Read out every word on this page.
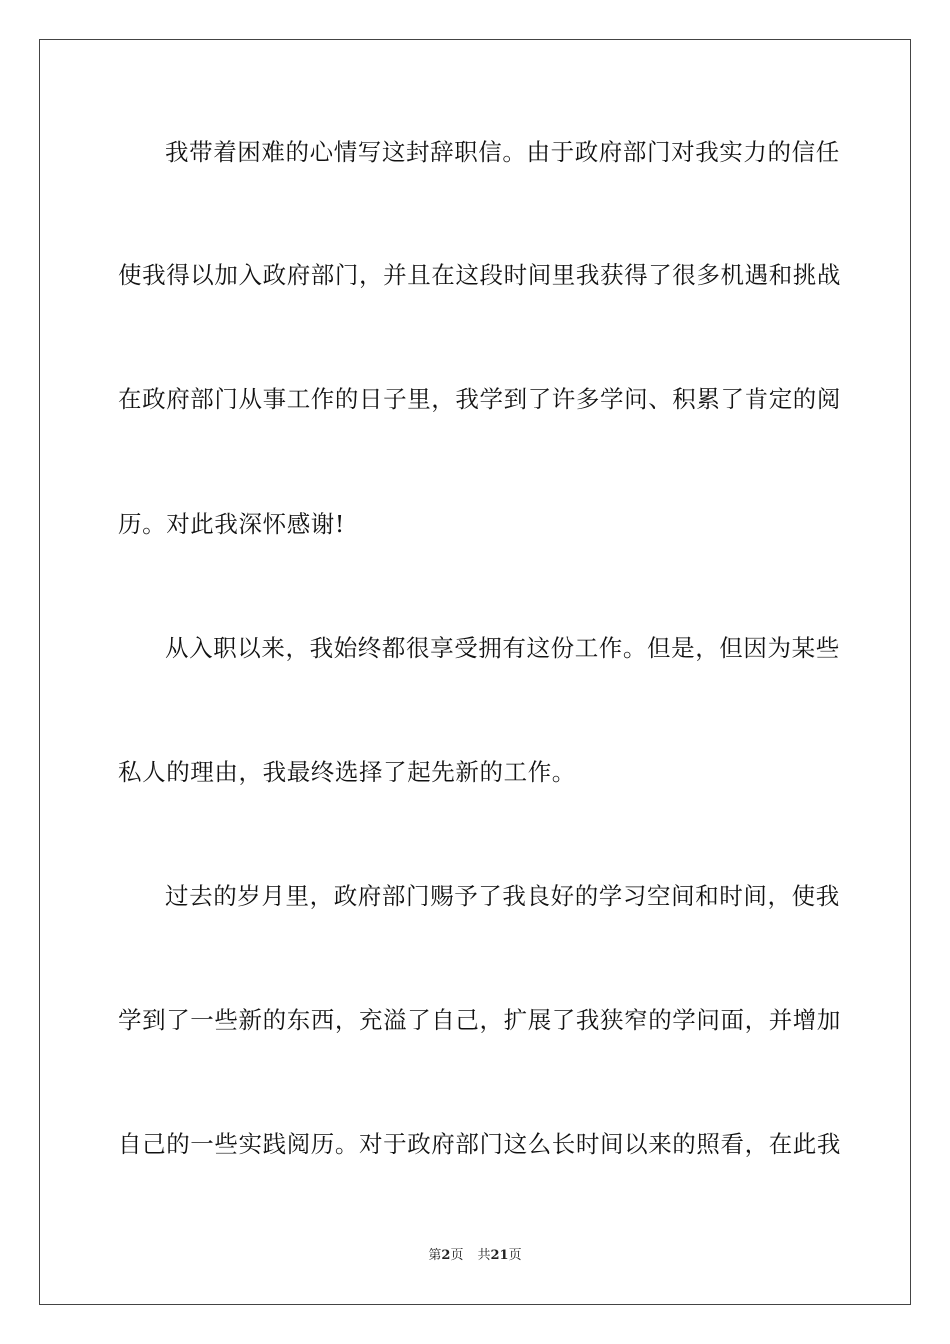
我带着困难的心情写这封辞职信。由于政府部门对我实力的信任
使我得以加入政府部门，并且在这段时间里我获得了很多机遇和挑战
在政府部门从事工作的日子里，我学到了许多学问、积累了肯定的阅
历。对此我深怀感谢!
从入职以来，我始终都很享受拥有这份工作。但是，但因为某些
私人的理由，我最终选择了起先新的工作。
过去的岁月里，政府部门赐予了我良好的学习空间和时间，使我
学到了一些新的东西，充溢了自己，扩展了我狭窄的学问面，并增加
自己的一些实践阅历。对于政府部门这么长时间以来的照看，在此我
第2页 共21页
